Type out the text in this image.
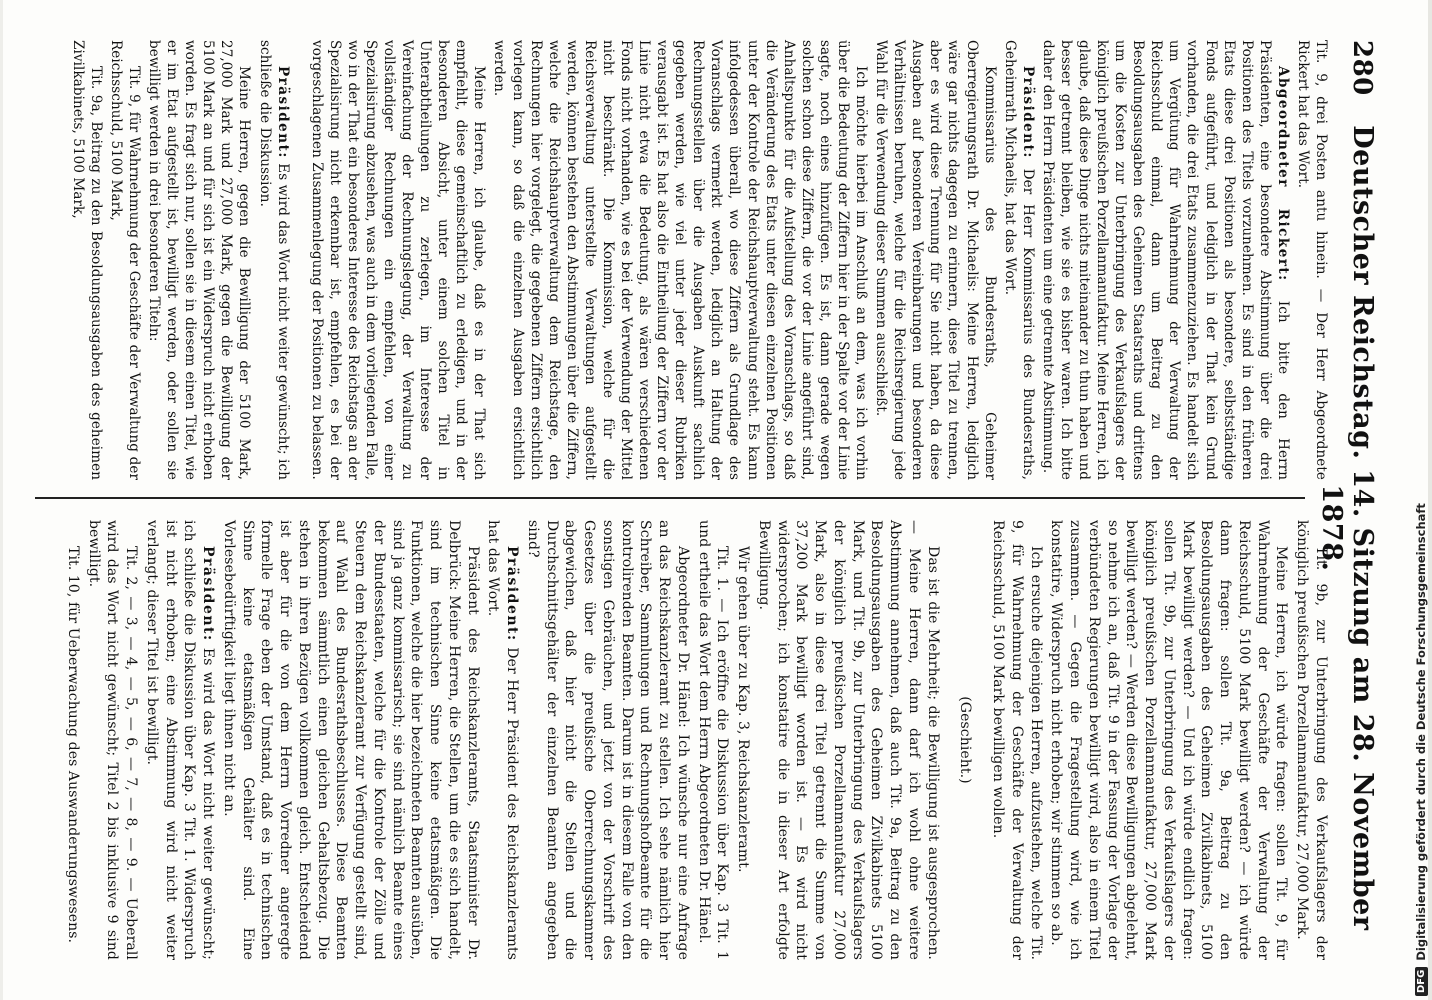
280
Deutscher Reichstag. 14. Sitzung am 28. November 1878.

Tit. 9, drei Posten antu hinein. — Der Herr Abgeordnete Rickert hat das Wort.

Abgeordneter Rickert: Ich bitte den Herrn Präsidenten, eine besondere Abstimmung über die drei Positionen des Titels vorzunehmen. Es sind in den früheren Etats diese drei Positionen als besondere, selbstständige Fonds aufgeführt, und lediglich in der That kein Grund vorhanden, die drei Etats zusammenzuziehen. Es handelt sich um Vergütung für Wahrnehmung der Verwaltung der Reichsschuld einmal, dann um Beitrag zu den Besoldungsausgaben des Geheimen Staatsraths und drittens um die Kosten zur Unterbringung des Verkaufslagers der königlich preußischen Porzellanmanufaktur. Meine Herren, ich glaube, daß diese Dinge nichts miteinander zu thun haben und besser getrennt bleiben, wie sie es bisher waren. Ich bitte daher den Herrn Präsidenten um eine getrennte Abstimmung.

Präsident: Der Herr Kommissarius des Bundesraths, Geheimrath Michaelis, hat das Wort.

Kommissarius des Bundesraths, Geheimer Oberregierungsrath Dr. Michaelis: Meine Herren, lediglich wäre gar nichts dagegen zu erinnern, diese Titel zu trennen, aber es wird diese Trennung für Sie nicht haben, da diese Ausgaben auf besonderen Vereinbarungen und besonderen Verhältnissen beruhen, welche für die Reichsregierung jede Wahl für die Verwendung dieser Summen ausschließt.

Ich möchte hierbei im Anschluß an dem, was ich vorhin über die Bedeutung der Ziffern hier in der Spalte vor der Linie sagte, noch eines hinzufügen. Es ist, dann gerade wegen solchen schon diese Ziffern, die vor der Linie angeführt sind, Anhaltspunkte für die Aufstellung des Voranschlags, so daß die Veränderung des Etats unter diesen einzelnen Positionen unter der Kontrole der Reichshauptverwaltung steht. Es kann infolgedessen überall, wo diese Ziffern als Grundlage des Voranschlags vermerkt werden, lediglich an Haltung der Rechnungsstellen über die Ausgaben Auskunft sachlich gegeben werden, wie viel unter jeder dieser Rubriken verausgabt ist. Es hat also die Eintheilung der Ziffern vor der Linie nicht etwa die Bedeutung, als wären verschiedenen Fonds nicht vorhanden, wie es bei der Verwendung der Mittel nicht beschränkt. Die Kommission, welche für die Reichsverwaltung unterstellte Verwaltungen aufgestellt werden, können bestehen den Abstimmungen über die Ziffern, welche die Reichshauptverwaltung dem Reichstage, den Rechnungen hier vorgelegt, die gegebenen Ziffern ersichtlich vorlegen kann, so daß die einzelnen Ausgaben ersichtlich werden.

Meine Herren, ich glaube, daß es in der That sich empfiehlt, diese gemeinschaftlich zu erledigen, und in der besonderen Absicht, unter einem solchen Titel in Unterabtheilungen zu zerlegen, im Interesse der Vereinfachung der Rechnungslegung, der Verwaltung zu vollständiger Rechnungen ein empfehlen, von einer Spezialisirung abzusehen, was auch in dem vorliegenden Falle, wo in der That ein besonderes Interesse des Reichstags an der Spezialisirung nicht erkennbar ist, empfehlen, es bei der vorgeschlagenen Zusammenlegung der Positionen zu belassen.

Präsident: Es wird das Wort nicht weiter gewünscht; ich schließe die Diskussion.

Meine Herren, gegen die Bewilligung der 5100 Mark, 27,000 Mark und 27,000 Mark, gegen die Bewilligung der 5100 Mark an und für sich ist ein Widerspruch nicht erhoben worden. Es fragt sich nur, sollen sie in diesem einen Titel, wie er im Etat aufgestellt ist, bewilligt werden, oder sollen sie bewilligt werden in drei besonderen Titeln:

Tit. 9, für Wahrnehmung der Geschäfte der Verwaltung der Reichsschuld, 5100 Mark,

Tit. 9a, Beitrag zu den Besoldungsausgaben des geheimen Zivilkabinets, 5100 Mark,

Tit. 9b, zur Unterbringung des Verkaufslagers der königlich preußischen Porzellanmanufaktur, 27,000 Mark.

Meine Herren, ich würde fragen: sollen Tit. 9, für Wahrnehmung der Geschäfte der Verwaltung der Reichsschuld, 5100 Mark bewilligt werden? — ich würde dann fragen: sollen Tit. 9a, Beitrag zu den Besoldungsausgaben des Geheimen Zivilkabinets, 5100 Mark bewilligt werden? — Und ich würde endlich fragen: sollen Tit. 9b, zur Unterbringung des Verkaufslagers der königlich preußischen Porzellanmanufaktur, 27,000 Mark bewilligt werden? — Werden diese Bewilligungen abgelehnt, so nehme ich an, daß Tit. 9 in der Fassung der Vorlage der verbündeten Regierungen bewilligt wird, also in einem Titel zusammen. — Gegen die Fragestellung wird, wie ich konstatire, Widerspruch nicht erhoben; wir stimmen so ab.

Ich ersuche diejenigen Herren, aufzustehen, welche Tit. 9, für Wahrnehmung der Geschäfte der Verwaltung der Reichsschuld, 5100 Mark bewilligen wollen.

(Geschieht.)

Das ist die Mehrheit; die Bewilligung ist ausgesprochen. — Meine Herren, dann darf ich wohl ohne weitere Abstimmung annehmen, daß auch Tit. 9a, Beitrag zu den Besoldungsausgaben des Geheimen Zivilkabinets 5100 Mark, und Tit. 9b, zur Unterbringung des Verkaufslagers der königlich preußischen Porzellanmanufaktur 27,000 Mark, also in diese drei Titel getrennt die Summe von 37,200 Mark bewilligt worden ist. — Es wird nicht widersprochen; ich konstatire die in dieser Art erfolgte Bewilligung.

Wir gehen über zu Kap. 3, Reichskanzleramt.

Tit. 1. — Ich eröffne die Diskussion über Kap. 3 Tit. 1 und ertheile das Wort dem Herrn Abgeordneten Dr. Hänel.

Abgeordneter Dr. Hänel: Ich wünsche nur eine Anfrage an das Reichskanzleramt zu stellen. Ich sehe nämlich hier Schreiber, Sammlungen und Rechnungshofbeamte für die kontrolirenden Beamten. Darum ist in diesem Falle von den sonstigen Gebräuchen, und jetzt von der Vorschrift des Gesetzes über die preußische Oberrechnungskammer abgewichen, daß hier nicht die Stellen und die Durchschnittsgehälter der einzelnen Beamten angegeben sind?

Präsident: Der Herr Präsident des Reichskanzleramts hat das Wort.

Präsident des Reichskanzleramts, Staatsminister Dr. Delbrück: Meine Herren, die Stellen, um die es sich handelt, sind im technischen Sinne keine etatsmäßigen. Die Funktionen, welche die hier bezeichneten Beamten ausüben, sind ja ganz kommissarisch; sie sind nämlich Beamte eines der Bundesstaaten, welche für die Kontrole der Zölle und Steuern dem Reichskanzleramt zur Verfügung gestellt sind, auf Wahl des Bundesrathsbeschlusses. Diese Beamten bekommen sämmtlich einen gleichen Gehaltsbezug. Die stehen in ihren Bezügen vollkommen gleich. Entscheidend ist aber für die von dem Herrn Vorredner angeregte formelle Frage eben der Umstand, daß es in technischen Sinne keine etatsmäßigen Gehälter sind. Eine Vorlesebedürftigkeit liegt ihnen nicht an.

Präsident: Es wird das Wort nicht weiter gewünscht; ich schließe die Diskussion über Kap. 3 Tit. 1. Widerspruch ist nicht erhoben; eine Abstimmung wird nicht weiter verlangt; dieser Titel ist bewilligt.

Tit. 2, — 3, — 4, — 5, — 6, — 7, — 8, — 9. — Ueberall wird das Wort nicht gewünscht; Titel 2 bis inklusive 9 sind bewilligt.

Tit. 10, für Ueberwachung des Auswanderungswesens.

DFG
Digitalisierung gefördert durch die Deutsche Forschungsgemeinschaft
